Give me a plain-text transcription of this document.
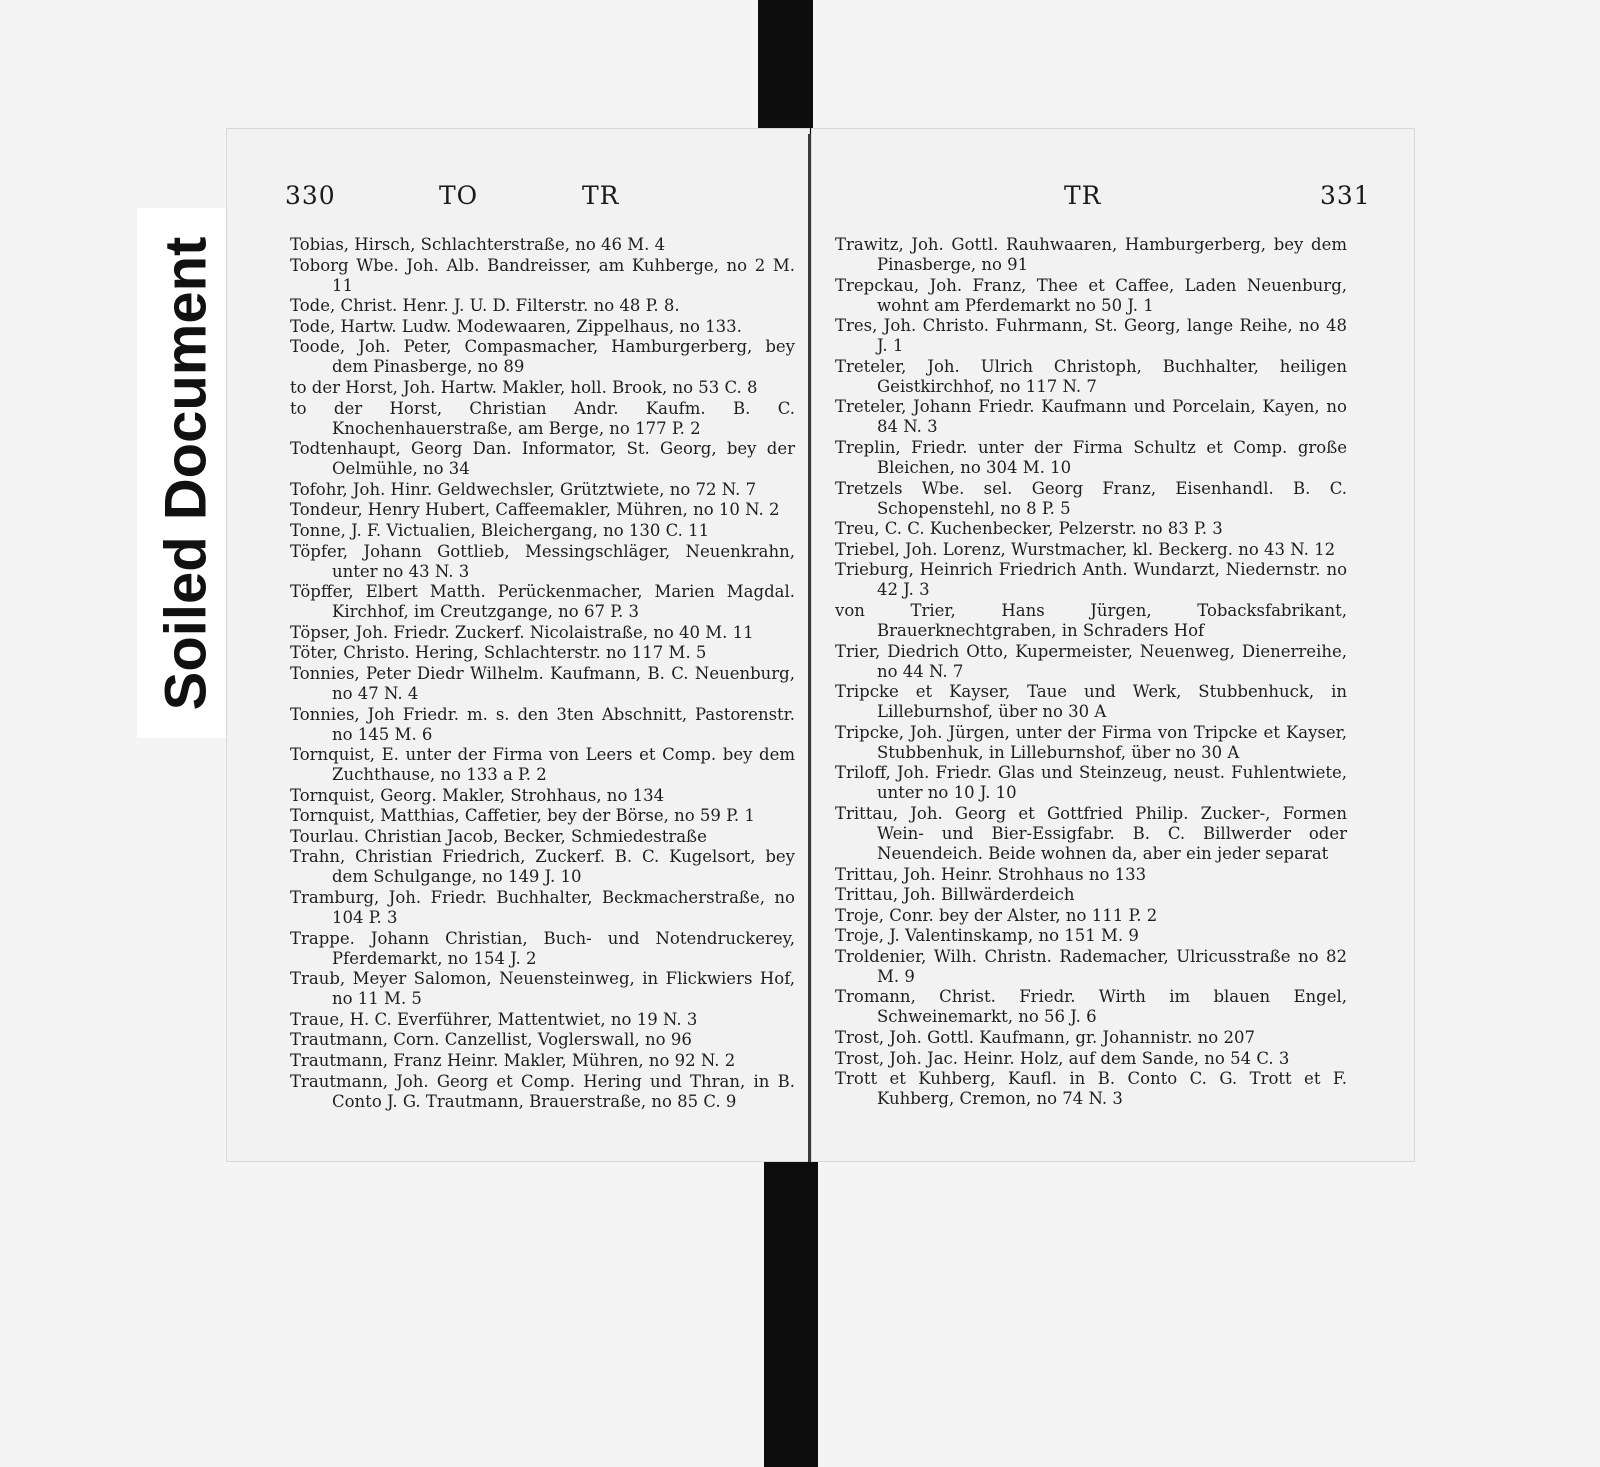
Soiled Document
330	TO	TR
Tobias, Hirsch, Schlachterstraße, no 46 M. 4
Toborg Wbe. Joh. Alb. Bandreisser, am Kuhberge, no 2 M. 11
Tode, Christ. Henr. J. U. D. Filterstr. no 48 P. 8.
Tode, Hartw. Ludw. Modewaaren, Zippelhaus, no 133.
Toode, Joh. Peter, Compasmacher, Hamburgerberg, bey dem Pinasberge, no 89
to der Horst, Joh. Hartw. Makler, holl. Brook, no 53 C. 8
to der Horst, Christian Andr. Kaufm. B. C. Knochenhauerstraße, am Berge, no 177 P. 2
Todtenhaupt, Georg Dan. Informator, St. Georg, bey der Oelmühle, no 34
Tofohr, Joh. Hinr. Geldwechsler, Grütztwiete, no 72 N. 7
Tondeur, Henry Hubert, Caffeemakler, Mühren, no 10 N. 2
Tonne, J. F. Victualien, Bleichergang, no 130 C. 11
Töpfer, Johann Gottlieb, Messingschläger, Neuenkrahn, unter no 43 N. 3
Töpffer, Elbert Matth. Perückenmacher, Marien Magdal. Kirchhof, im Creutzgange, no 67 P. 3
Töpser, Joh. Friedr. Zuckerf. Nicolaistraße, no 40 M. 11
Töter, Christo. Hering, Schlachterstr. no 117 M. 5
Tonnies, Peter Diedr Wilhelm. Kaufmann, B. C. Neuenburg, no 47 N. 4
Tonnies, Joh Friedr. m. s. den 3ten Abschnitt, Pastorenstr. no 145 M. 6
Tornquist, E. unter der Firma von Leers et Comp. bey dem Zuchthause, no 133 a P. 2
Tornquist, Georg. Makler, Strohhaus, no 134
Tornquist, Matthias, Caffetier, bey der Börse, no 59 P. 1
Tourlau. Christian Jacob, Becker, Schmiedestraße
Trahn, Christian Friedrich, Zuckerf. B. C. Kugelsort, bey dem Schulgange, no 149 J. 10
Tramburg, Joh. Friedr. Buchhalter, Beckmacherstraße, no 104 P. 3
Trappe. Johann Christian, Buch- und Notendruckerey, Pferdemarkt, no 154 J. 2
Traub, Meyer Salomon, Neuensteinweg, in Flickwiers Hof, no 11 M. 5
Traue, H. C. Everführer, Mattentwiet, no 19 N. 3
Trautmann, Corn. Canzellist, Voglerswall, no 96
Trautmann, Franz Heinr. Makler, Mühren, no 92 N. 2
Trautmann, Joh. Georg et Comp. Hering und Thran, in B. Conto J. G. Trautmann, Brauerstraße, no 85 C. 9
TR	331
Trawitz, Joh. Gottl. Rauhwaaren, Hamburgerberg, bey dem Pinasberge, no 91
Trepckau, Joh. Franz, Thee et Caffee, Laden Neuenburg, wohnt am Pferdemarkt no 50 J. 1
Tres, Joh. Christo. Fuhrmann, St. Georg, lange Reihe, no 48 J. 1
Treteler, Joh. Ulrich Christoph, Buchhalter, heiligen Geistkirchhof, no 117 N. 7
Treteler, Johann Friedr. Kaufmann und Porcelain, Kayen, no 84 N. 3
Treplin, Friedr. unter der Firma Schultz et Comp. große Bleichen, no 304 M. 10
Tretzels Wbe. sel. Georg Franz, Eisenhandl. B. C. Schopenstehl, no 8 P. 5
Treu, C. C. Kuchenbecker, Pelzerstr. no 83 P. 3
Triebel, Joh. Lorenz, Wurstmacher, kl. Beckerg. no 43 N. 12
Trieburg, Heinrich Friedrich Anth. Wundarzt, Niedernstr. no 42 J. 3
von Trier, Hans Jürgen, Tobacksfabrikant, Brauerknechtgraben, in Schraders Hof
Trier, Diedrich Otto, Kupermeister, Neuenweg, Dienerreihe, no 44 N. 7
Tripcke et Kayser, Taue und Werk, Stubbenhuck, in Lilleburnshof, über no 30 A
Tripcke, Joh. Jürgen, unter der Firma von Tripcke et Kayser, Stubbenhuk, in Lilleburnshof, über no 30 A
Triloff, Joh. Friedr. Glas und Steinzeug, neust. Fuhlentwiete, unter no 10 J. 10
Trittau, Joh. Georg et Gottfried Philip. Zucker-, Formen Wein- und Bier-Essigfabr. B. C. Billwerder oder Neuendeich. Beide wohnen da, aber ein jeder separat
Trittau, Joh. Heinr. Strohhaus no 133
Trittau, Joh. Billwärderdeich
Troje, Conr. bey der Alster, no 111 P. 2
Troje, J. Valentinskamp, no 151 M. 9
Troldenier, Wilh. Christn. Rademacher, Ulricusstraße no 82 M. 9
Tromann, Christ. Friedr. Wirth im blauen Engel, Schweinemarkt, no 56 J. 6
Trost, Joh. Gottl. Kaufmann, gr. Johannistr. no 207
Trost, Joh. Jac. Heinr. Holz, auf dem Sande, no 54 C. 3
Trott et Kuhberg, Kaufl. in B. Conto C. G. Trott et F. Kuhberg, Cremon, no 74 N. 3
